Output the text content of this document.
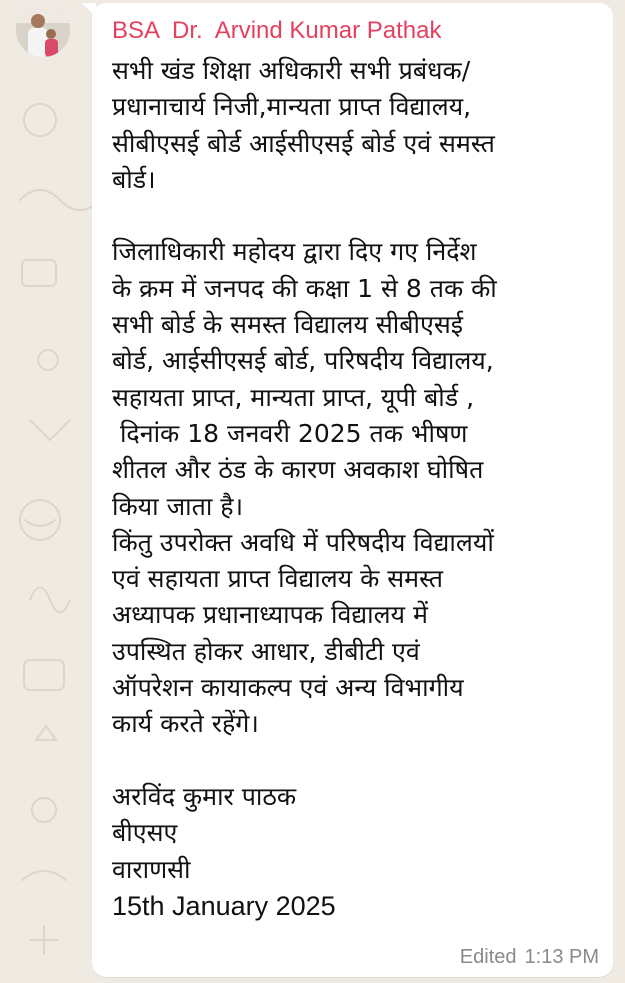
BSA  Dr.  Arvind Kumar Pathak
सभी खंड शिक्षा अधिकारी सभी प्रबंधक/
प्रधानाचार्य निजी,मान्यता प्राप्त विद्यालय,
सीबीएसई बोर्ड आईसीएसई बोर्ड एवं समस्त
बोर्ड।
जिलाधिकारी महोदय द्वारा दिए गए निर्देश
के क्रम में जनपद की कक्षा 1 से 8 तक की
सभी बोर्ड के समस्त विद्यालय सीबीएसई
बोर्ड, आईसीएसई बोर्ड, परिषदीय विद्यालय,
सहायता प्राप्त, मान्यता प्राप्त, यूपी बोर्ड ,
दिनांक 18 जनवरी 2025 तक भीषण
शीतल और ठंड के कारण अवकाश घोषित
किया जाता है।
किंतु उपरोक्त अवधि में परिषदीय विद्यालयों
एवं सहायता प्राप्त विद्यालय के समस्त
अध्यापक प्रधानाध्यापक विद्यालय में
उपस्थित होकर आधार, डीबीटी एवं
ऑपरेशन कायाकल्प एवं अन्य विभागीय
कार्य करते रहेंगे।
अरविंद कुमार पाठक
बीएसए
वाराणसी
15th January 2025
Edited 1:13 PM
